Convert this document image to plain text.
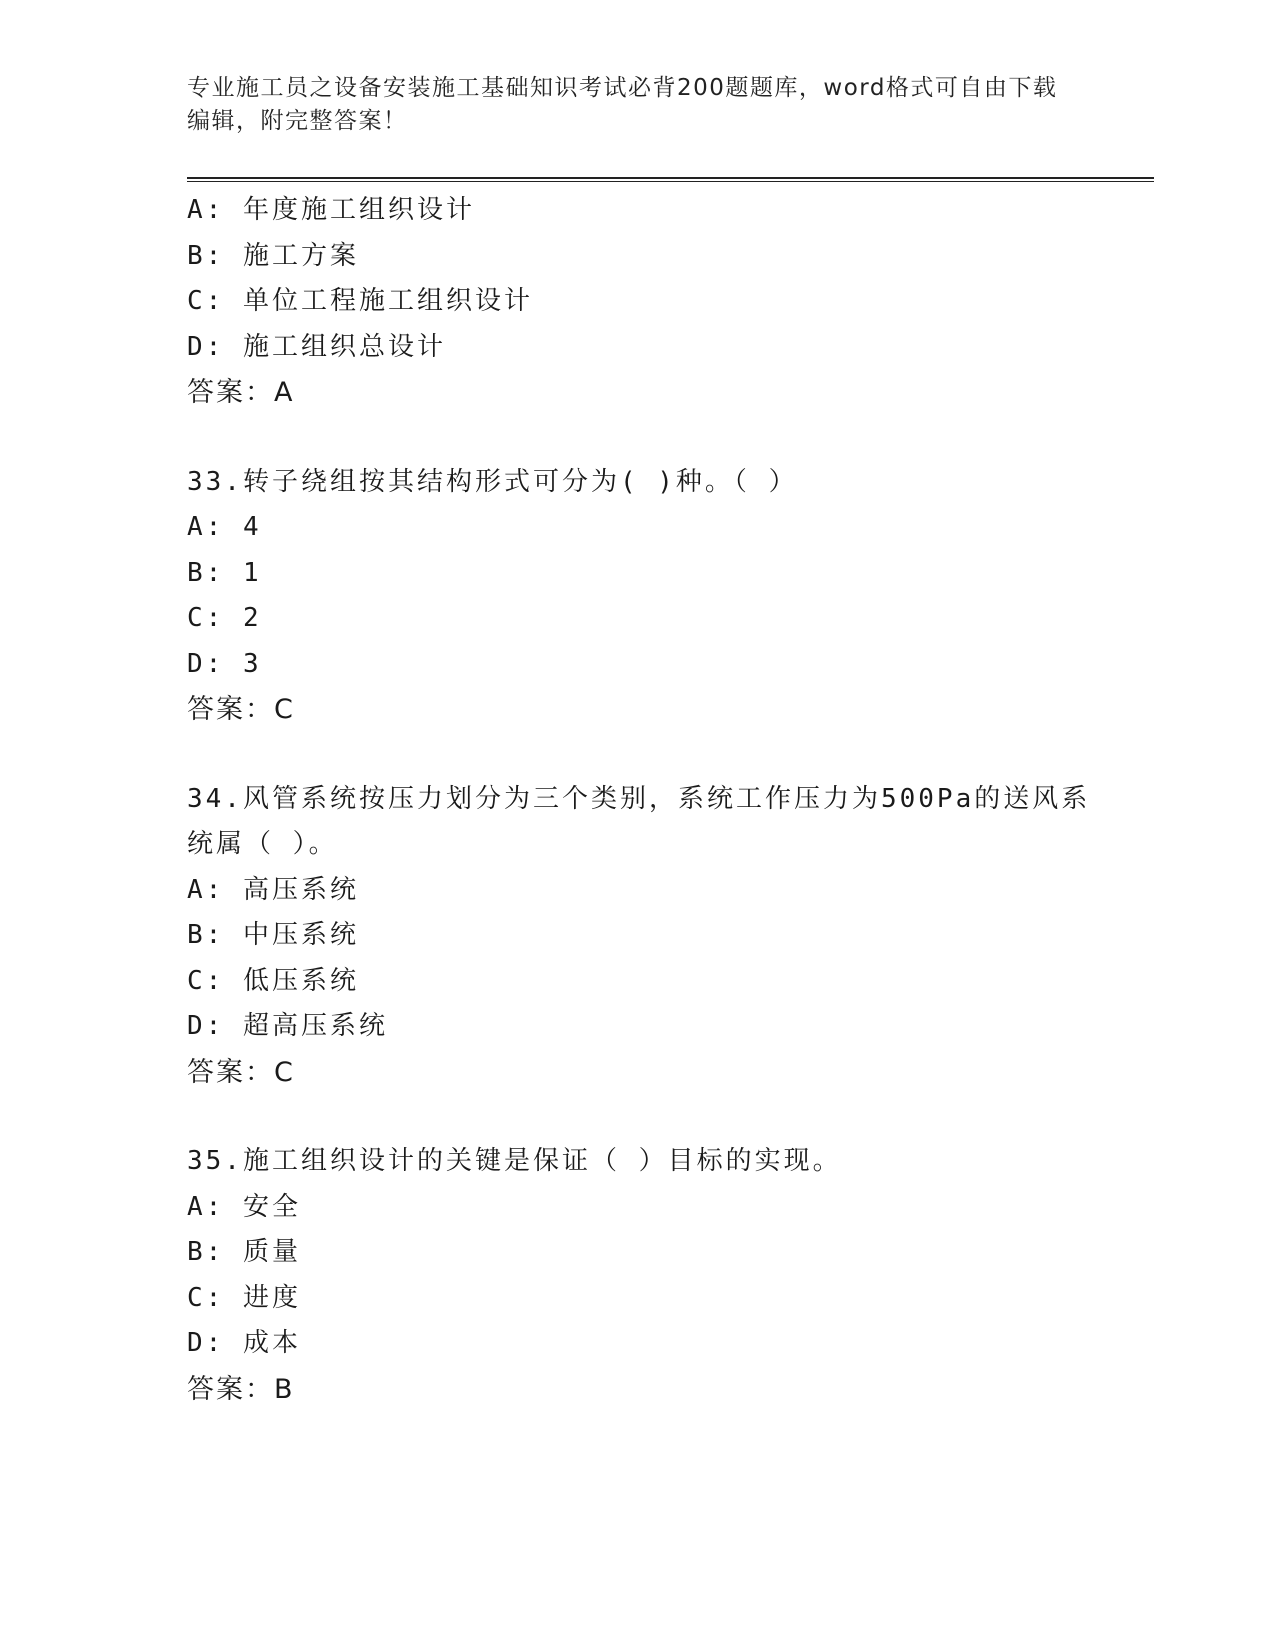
专业施工员之设备安装施工基础知识考试必背200题题库，word格式可自由下载
编辑，附完整答案！
A: 年度施工组织设计
B: 施工方案
C: 单位工程施工组织设计
D: 施工组织总设计
答案：A
33.转子绕组按其结构形式可分为( )种。（ ）
A: 4
B: 1
C: 2
D: 3
答案：C
34.风管系统按压力划分为三个类别，系统工作压力为500Pa的送风系
统属（ ）。
A: 高压系统
B: 中压系统
C: 低压系统
D: 超高压系统
答案：C
35.施工组织设计的关键是保证（ ）目标的实现。
A: 安全
B: 质量
C: 进度
D: 成本
答案：B
